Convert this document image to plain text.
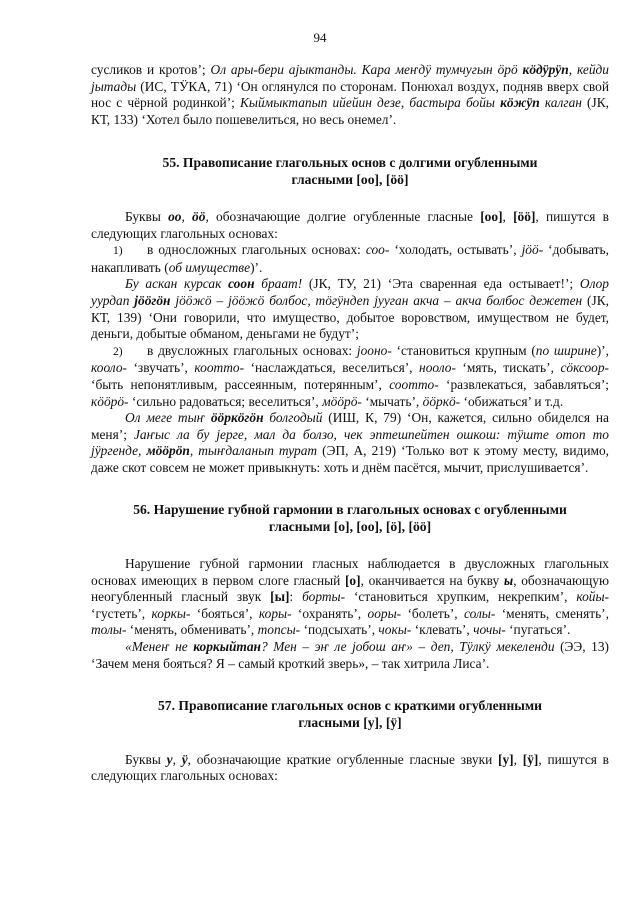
94

сусликов и кротов’; Ол ары-бери ајыктанды. Кара меҥдӱ тумчугын ӧрӧ кӧдӱрӱп, кейди јытады (ИС, ТӰКА, 71) ‘Он оглянулся по сторонам. Понюхал воздух, подняв вверх свой нос с чёрной родинкой’; Кыймыктапып ийейин дезе, бастыра бойы кӧжӱп калган (ЈК, КТ, 133) ‘Хотел было пошевелиться, но весь онемел’.

55. Правописание глагольных основ с долгими огубленными
гласными [оо], [ӧӧ]

Буквы оо, ӧӧ, обозначающие долгие огубленные гласные [оо], [ӧӧ], пишутся в следующих глагольных основах:

1) в односложных глагольных основах: соо- ‘холодать, остывать’, јӧӧ- ‘добывать, накапливать (об имуществе)’.

Бу аскан курсак соон браат! (ЈК, ТУ, 21) ‘Эта сваренная еда остывает!’; Олор уурдап јӧӧгӧн јӧӧжӧ – јӧӧжӧ болбос, тӧгӱндеп јууган акча – акча болбос дежетен (ЈК, КТ, 139) ‘Они говорили, что имущество, добытое воровством, имуществом не будет, деньги, добытые обманом, деньгами не будут’;

2) в двусложных глагольных основах: јооно- ‘становиться крупным (по ширине)’, кооло- ‘звучать’, коотто- ‘наслаждаться, веселиться’, нооло- ‘мять, тискать’, сӧксоор- ‘быть непонятливым, рассеянным, потерянным’, соотто- ‘развлекаться, забавляться’; кӧӧрӧ- ‘сильно радоваться; веселиться’, мӧӧрӧ- ‘мычать’, ӧӧркӧ- ‘обижаться’ и т.д.

Ол меге тыҥ ӧӧркӧгӧн болгодый (ИШ, К, 79) ‘Он, кажется, сильно обиделся на меня’; Јаҥыс ла бу јерге, мал да болзо, чек эптешпейтен ошкош: тӱште отоп то јӱргенде, мӧӧрӧп, тыҥдаланып турат (ЭП, А, 219) ‘Только вот к этому месту, видимо, даже скот совсем не может привыкнуть: хоть и днём пасётся, мычит, прислушивается’.

56. Нарушение губной гармонии в глагольных основах с огубленными
гласными [о], [оо], [ӧ], [ӧӧ]

Нарушение губной гармонии гласных наблюдается в двусложных глагольных основах имеющих в первом слоге гласный [о], оканчивается на букву ы, обозначающую неогубленный гласный звук [ы]: борты- ‘становиться хрупким, некрепким’, койы- ‘густеть’, коркы- ‘бояться’, коры- ‘охранять’, ооры- ‘болеть’, солы- ‘менять, сменять’, толы- ‘менять, обменивать’, топсы- ‘подсыхать’, чокы- ‘клевать’, чочы- ‘пугаться’.

«Менеҥ не коркыйтан? Мен – эҥ ле јобош аҥ» – деп, Тӱлкӱ мекеленди (ЭЭ, 13) ‘Зачем меня бояться? Я – самый кроткий зверь», – так хитрила Лиса’.

57. Правописание глагольных основ с краткими огубленными
гласными [у], [ӱ]

Буквы у, ӱ, обозначающие краткие огубленные гласные звуки [у], [ӱ], пишутся в следующих глагольных основах:
